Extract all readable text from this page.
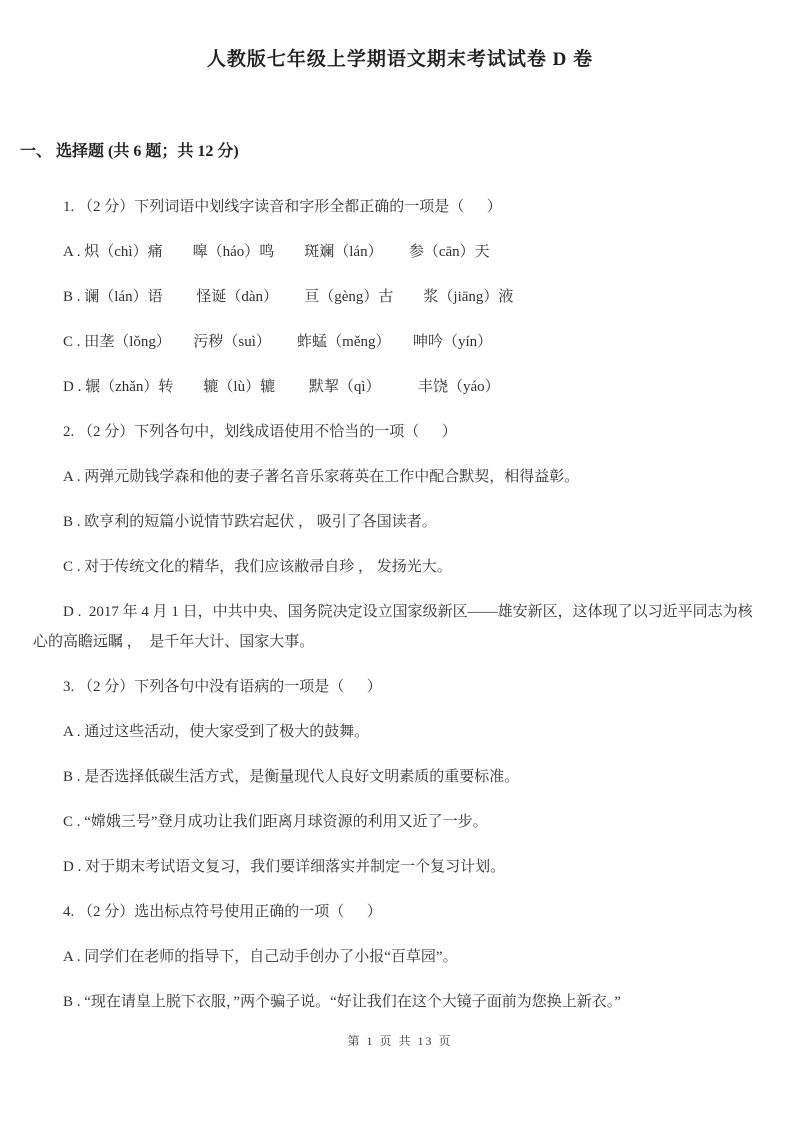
人教版七年级上学期语文期末考试试卷 D 卷
一、 选择题 (共 6 题；共 12 分)

1. （2 分）下列词语中划线字读音和字形全都正确的一项是（      ）

A . 炽（chì）痛　　嗥（háo）鸣　　斑斓（lán）　　 参（cān）天

B . 谰（lán）语　　 怪诞（dàn）　　 亘（gèng）古　　浆（jiāng）液

C . 田垄（lǒng）　　污秽（suì）　　 蚱蜢（měng）　　呻吟（yín）

D . 辗（zhǎn）转　　辘（lù）辘　　 默挈（qì）　　　丰饶（yáo）

2. （2 分）下列各句中，划线成语使用不恰当的一项（      ）

A . 两弹元勋钱学森和他的妻子著名音乐家蒋英在工作中配合默契，相得益彰。

B . 欧亨利的短篇小说情节跌宕起伏 ， 吸引了各国读者。

C . 对于传统文化的精华，我们应该敝帚自珍 ， 发扬光大。

D .  2017 年 4 月 1 日，中共中央、国务院决定设立国家级新区——雄安新区，这体现了以习近平同志为核心的高瞻远瞩 ，  是千年大计、国家大事。

3. （2 分）下列各句中没有语病的一项是（      ）

A . 通过这些活动，使大家受到了极大的鼓舞。

B . 是否选择低碳生活方式，是衡量现代人良好文明素质的重要标准。

C . “嫦娥三号”登月成功让我们距离月球资源的利用又近了一步。

D . 对于期末考试语文复习，我们要详细落实并制定一个复习计划。

4. （2 分）选出标点符号使用正确的一项（      ）

A . 同学们在老师的指导下，自己动手创办了小报“百草园”。

B . “现在请皇上脱下衣服，”两个骗子说。“好让我们在这个大镜子面前为您换上新衣。”

第 1 页 共 13 页
